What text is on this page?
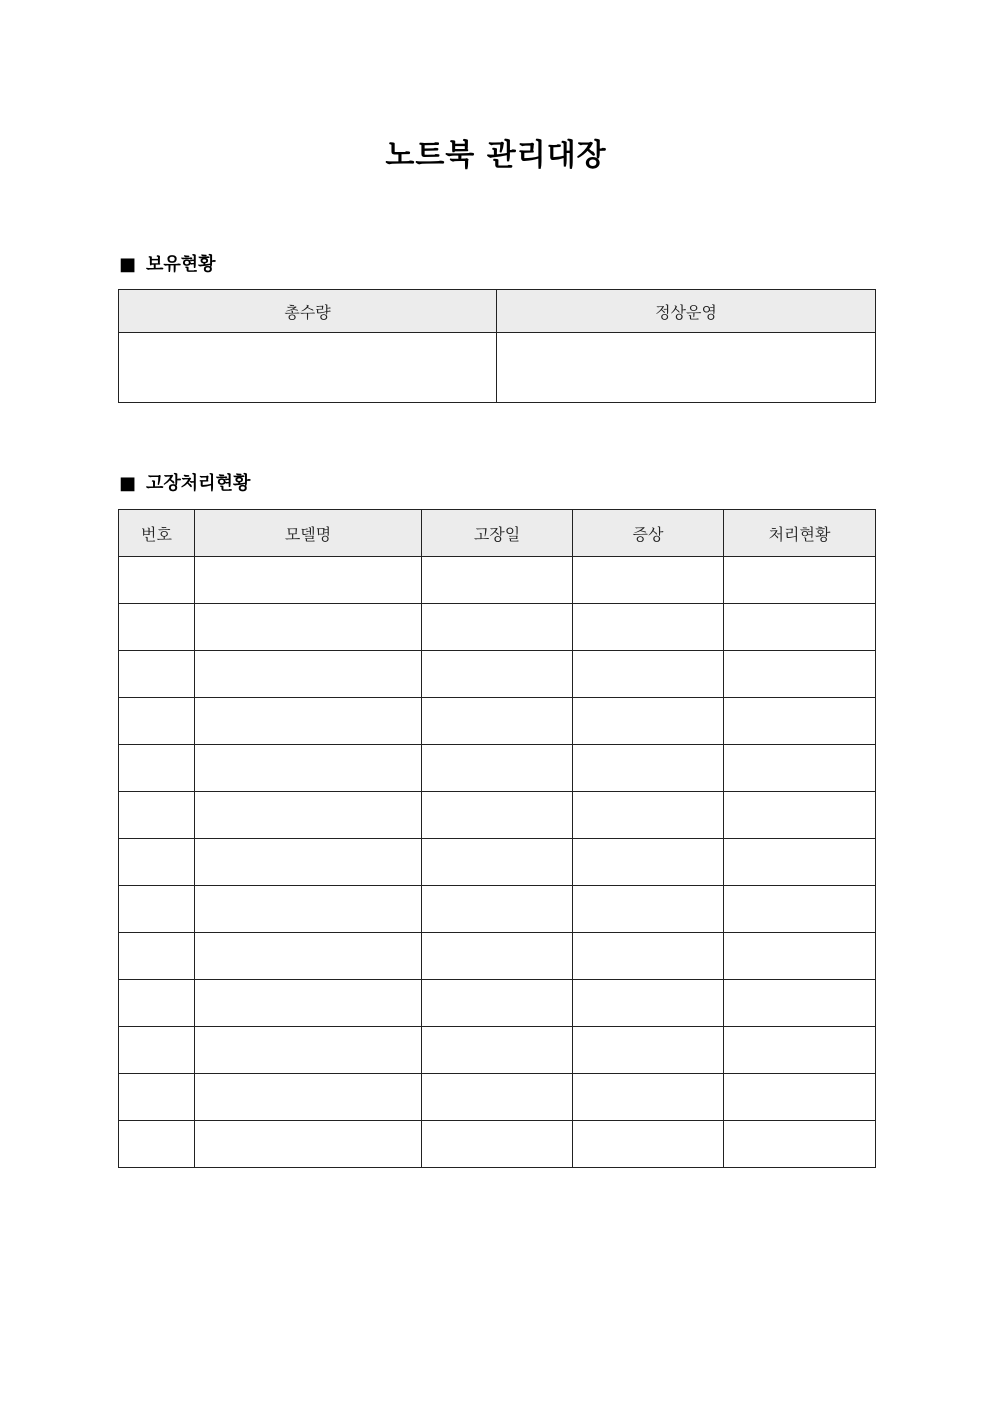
노트북 관리대장
■ 보유현황
총수량	정상운영

■ 고장처리현황
번호	모델명	고장일	증상	처리현황
